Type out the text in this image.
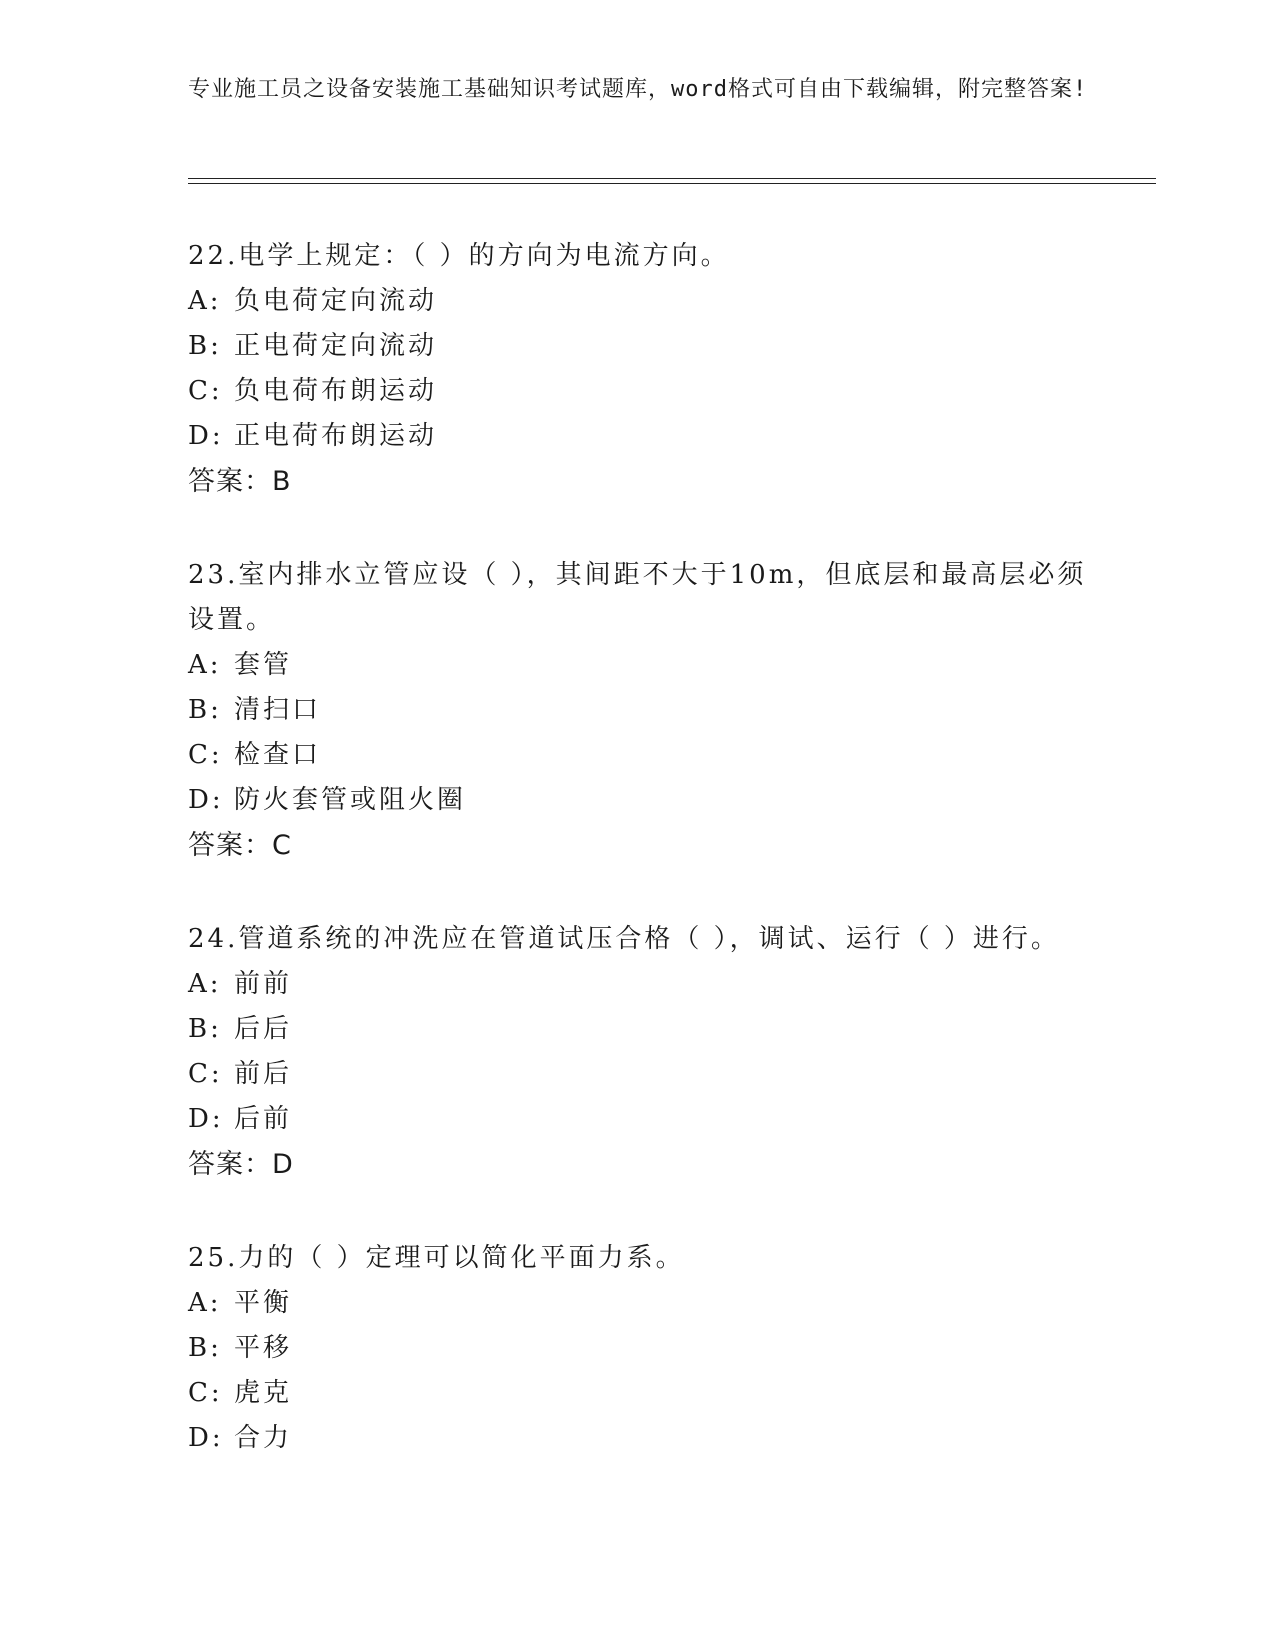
专业施工员之设备安装施工基础知识考试题库，word格式可自由下载编辑，附完整答案!
22.电学上规定：（ ）的方向为电流方向。
A: 负电荷定向流动
B: 正电荷定向流动
C: 负电荷布朗运动
D: 正电荷布朗运动
答案：B
23.室内排水立管应设（ ），其间距不大于10m，但底层和最高层必须设置。
A: 套管
B: 清扫口
C: 检查口
D: 防火套管或阻火圈
答案：C
24.管道系统的冲洗应在管道试压合格（ ），调试、运行（ ）进行。
A: 前前
B: 后后
C: 前后
D: 后前
答案：D
25.力的（ ）定理可以简化平面力系。
A: 平衡
B: 平移
C: 虎克
D: 合力
